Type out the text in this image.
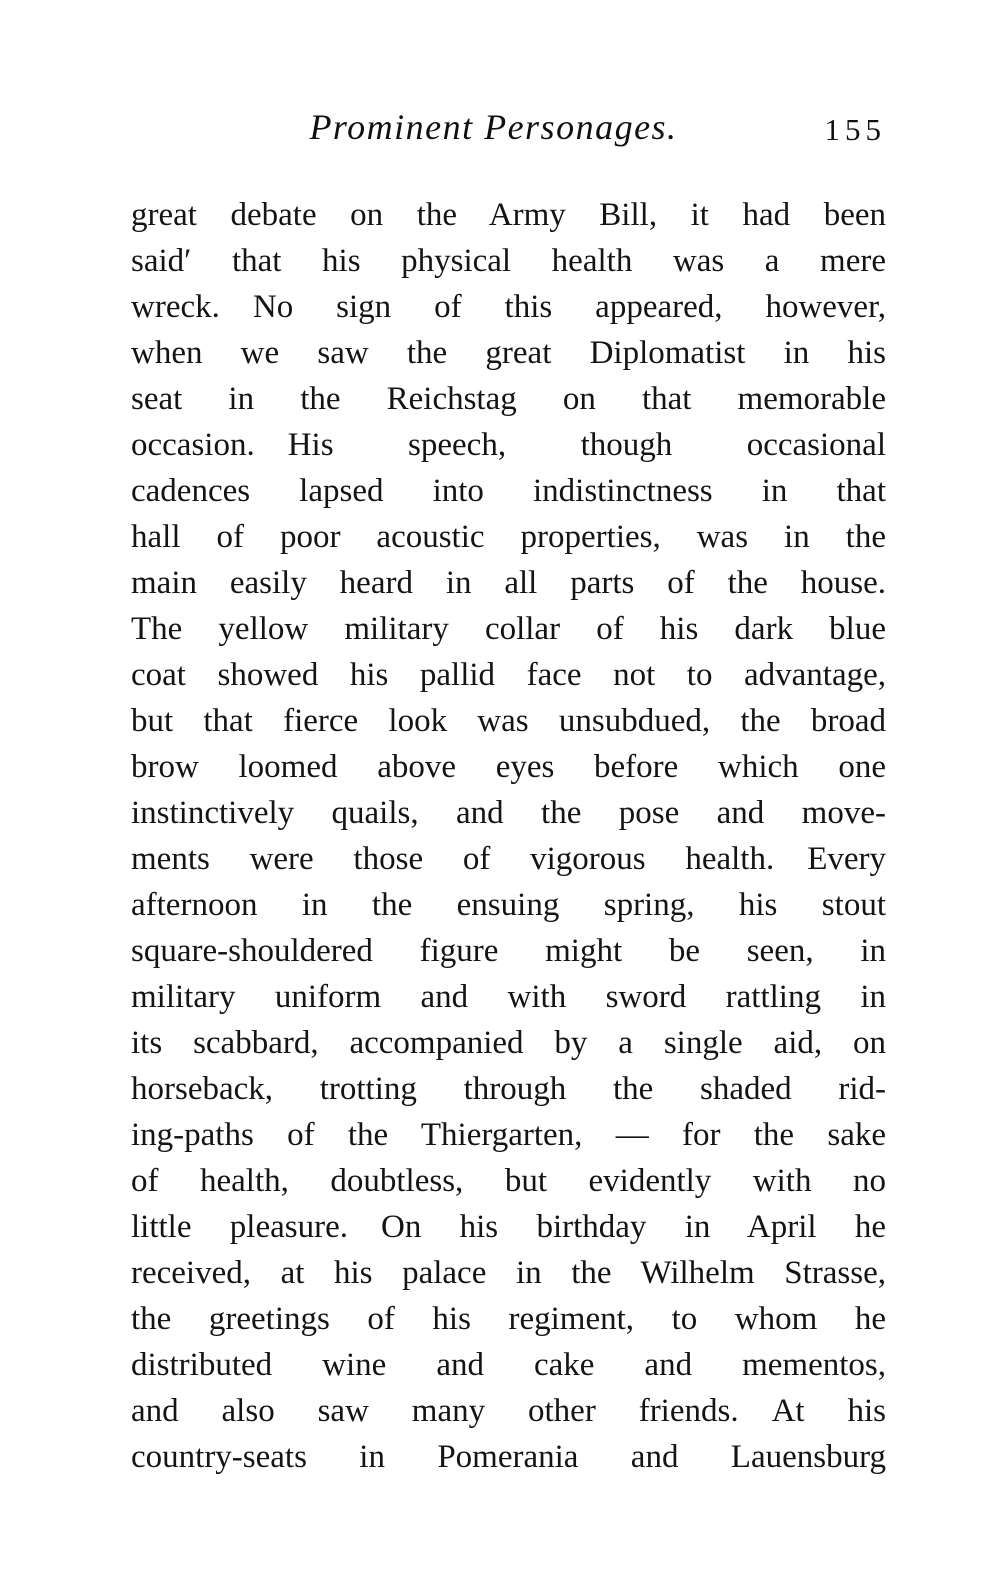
Prominent Personages.	155
great debate on the Army Bill, it had been
said′ that his physical health was a mere
wreck. No sign of this appeared, however,
when we saw the great Diplomatist in his
seat in the Reichstag on that memorable
occasion. His speech, though occasional
cadences lapsed into indistinctness in that
hall of poor acoustic properties, was in the
main easily heard in all parts of the house.
The yellow military collar of his dark blue
coat showed his pallid face not to advantage,
but that fierce look was unsubdued, the broad
brow loomed above eyes before which one
instinctively quails, and the pose and move-
ments were those of vigorous health. Every
afternoon in the ensuing spring, his stout
square-shouldered figure might be seen, in
military uniform and with sword rattling in
its scabbard, accompanied by a single aid, on
horseback, trotting through the shaded rid-
ing-paths of the Thiergarten, — for the sake
of health, doubtless, but evidently with no
little pleasure. On his birthday in April he
received, at his palace in the Wilhelm Strasse,
the greetings of his regiment, to whom he
distributed wine and cake and mementos,
and also saw many other friends. At his
country-seats in Pomerania and Lauensburg
